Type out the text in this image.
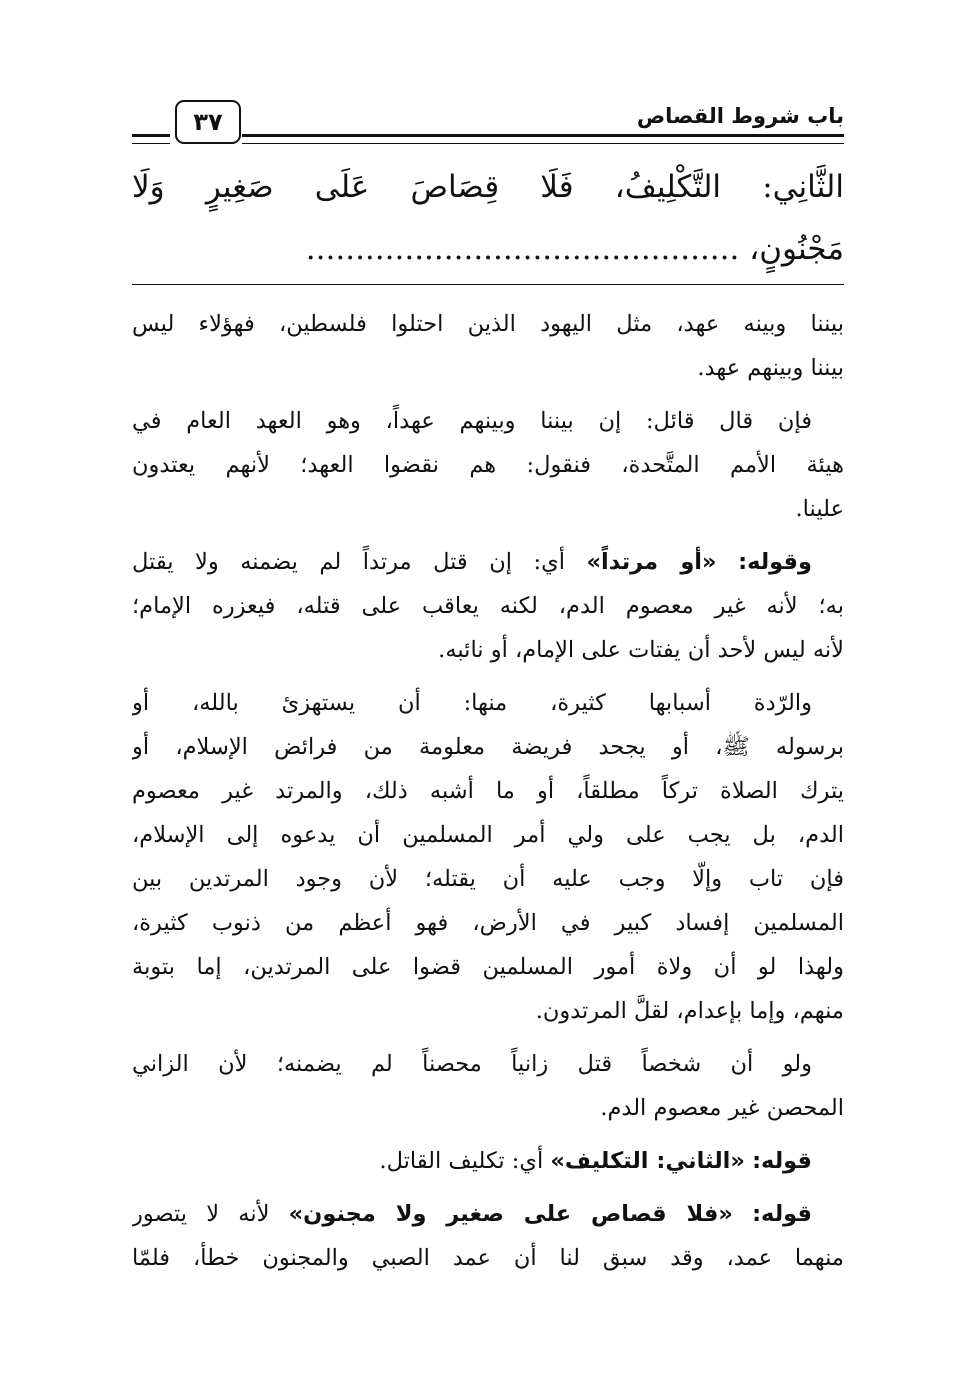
٣٧	باب شروط القصاص
الثَّانِي: التَّكْلِيفُ، فَلَا قِصَاصَ عَلَى صَغِيرٍ وَلَا
مَجْنُونٍ، ............................................
بيننا وبينه عهد، مثل اليهود الذين احتلوا فلسطين، فهؤلاء ليس
بيننا وبينهم عهد.
فإن قال قائل: إن بيننا وبينهم عهداً، وهو العهد العام في
هيئة الأمم المتَّحدة، فنقول: هم نقضوا العهد؛ لأنهم يعتدون
علينا.
وقوله: «أو مرتداً» أي: إن قتل مرتداً لم يضمنه ولا يقتل
به؛ لأنه غير معصوم الدم، لكنه يعاقب على قتله، فيعزره الإمام؛
لأنه ليس لأحد أن يفتات على الإمام، أو نائبه.
والرّدة أسبابها كثيرة، منها: أن يستهزئ بالله، أو
برسوله ﷺ، أو يجحد فريضة معلومة من فرائض الإسلام، أو
يترك الصلاة تركاً مطلقاً، أو ما أشبه ذلك، والمرتد غير معصوم
الدم، بل يجب على ولي أمر المسلمين أن يدعوه إلى الإسلام،
فإن تاب وإلّا وجب عليه أن يقتله؛ لأن وجود المرتدين بين
المسلمين إفساد كبير في الأرض، فهو أعظم من ذنوب كثيرة،
ولهذا لو أن ولاة أمور المسلمين قضوا على المرتدين، إما بتوبة
منهم، وإما بإعدام، لقلَّ المرتدون.
ولو أن شخصاً قتل زانياً محصناً لم يضمنه؛ لأن الزاني
المحصن غير معصوم الدم.
قوله: «الثاني: التكليف» أي: تكليف القاتل.
قوله: «فلا قصاص على صغير ولا مجنون» لأنه لا يتصور
منهما عمد، وقد سبق لنا أن عمد الصبي والمجنون خطأ، فلمّا
